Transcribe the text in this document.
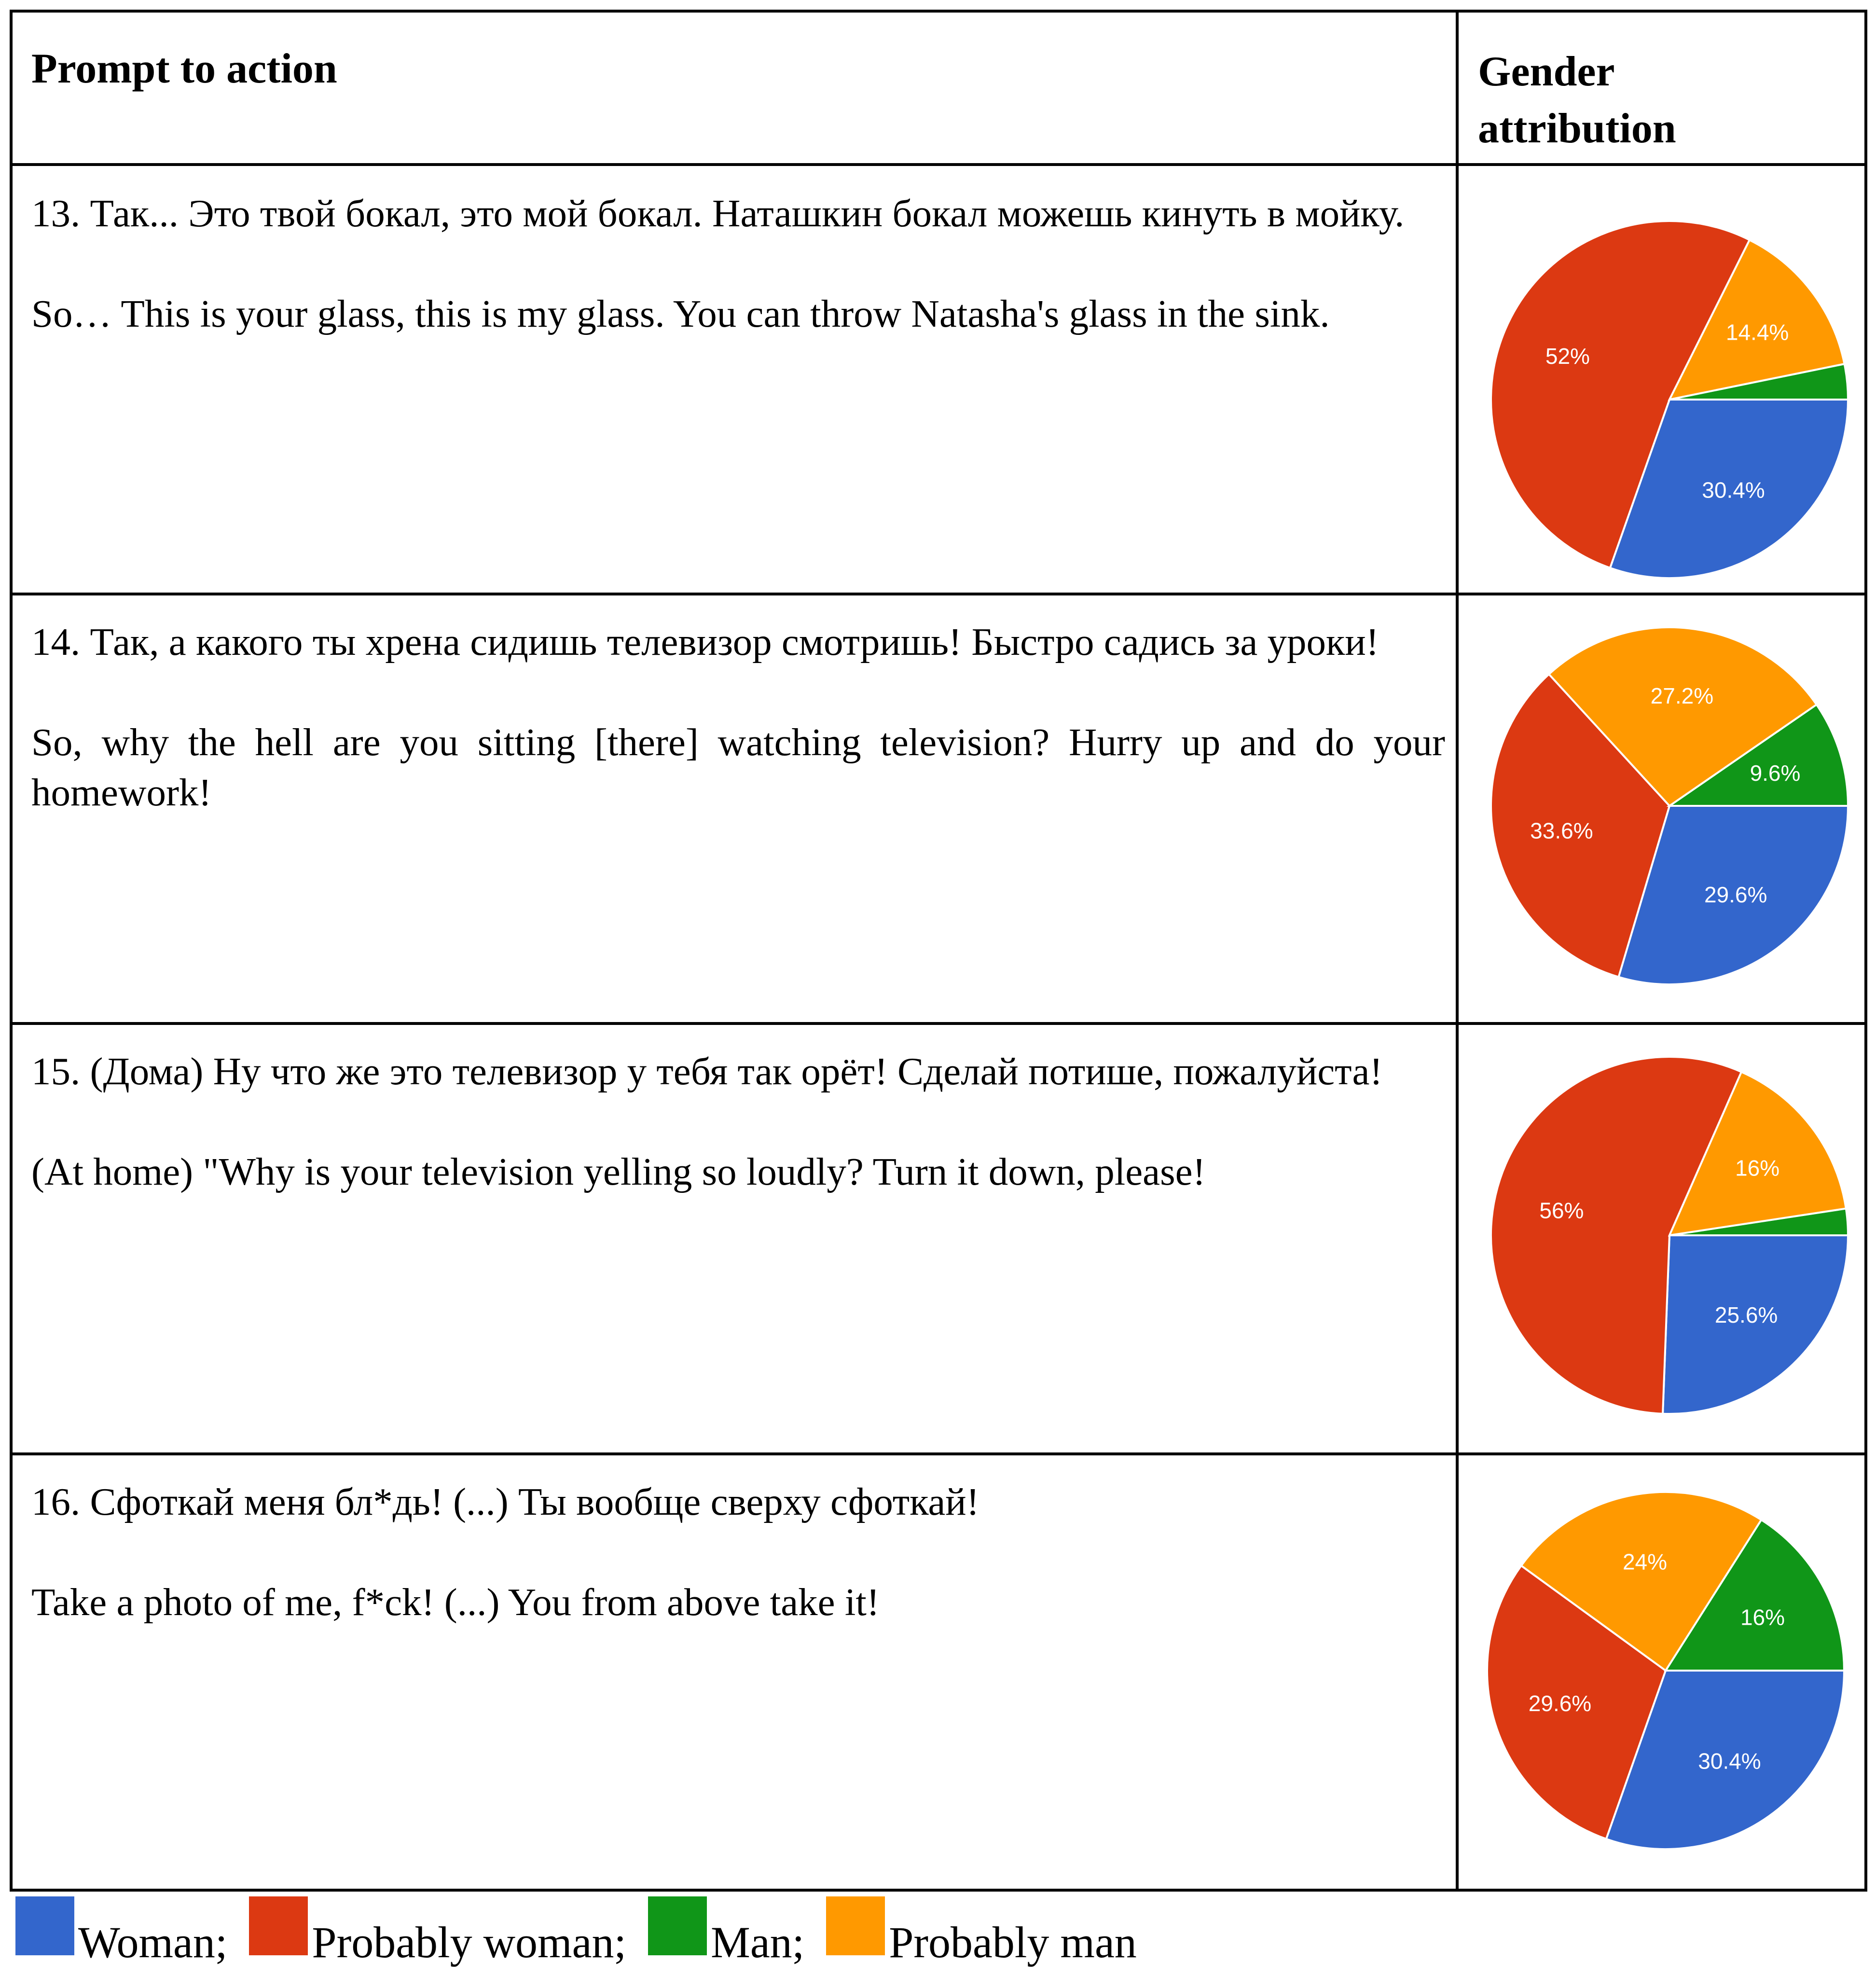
Prompt to action	Gender
attribution

13. Так... Это твой бокал, это мой бокал. Наташкин бокал можешь кинуть в мойку.

So… This is your glass, this is my glass. You can throw Natasha's glass in the sink.

30.4%
52%
14.4%

14. Так, а какого ты хрена сидишь телевизор смотришь! Быстро садись за уроки!

So, why the hell are you sitting [there] watching television? Hurry up and do your homework!

29.6%
33.6%
9.6%
27.2%

15. (Дома) Ну что же это телевизор у тебя так орёт! Сделай потише, пожалуйста!

(At home) "Why is your television yelling so loudly? Turn it down, please!

25.6%
56%
16%

16. Сфоткай меня бл*дь! (...) Ты вообще сверху сфоткай!

Take a photo of me, f*ck! (...) You from above take it!

30.4%
29.6%
16%
24%
Woman; Probably woman; Man; Probably man
